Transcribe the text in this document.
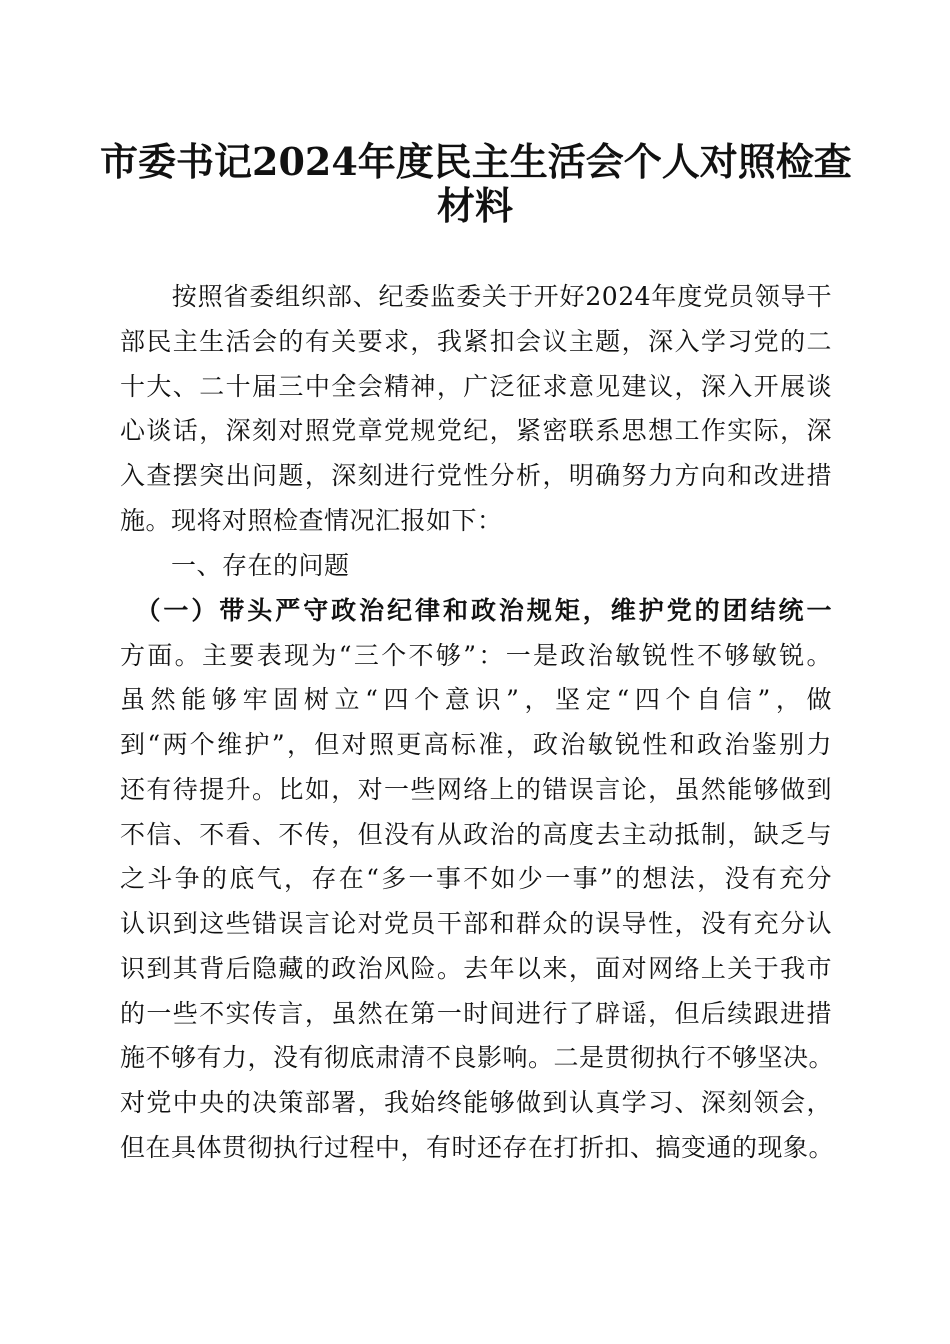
市委书记2024年度民主生活会个人对照检查
材料
　　按照省委组织部、纪委监委关于开好2024年度党员领导干
部民主生活会的有关要求，我紧扣会议主题，深入学习党的二
十大、二十届三中全会精神，广泛征求意见建议，深入开展谈
心谈话，深刻对照党章党规党纪，紧密联系思想工作实际，深
入查摆突出问题，深刻进行党性分析，明确努力方向和改进措
施。现将对照检查情况汇报如下：
　　一、存在的问题
　（一）带头严守政治纪律和政治规矩，维护党的团结统一
方面。主要表现为“三个不够”：一是政治敏锐性不够敏锐。
虽然能够牢固树立“四个意识”，坚定“四个自信”，做
到“两个维护”，但对照更高标准，政治敏锐性和政治鉴别力
还有待提升。比如，对一些网络上的错误言论，虽然能够做到
不信、不看、不传，但没有从政治的高度去主动抵制，缺乏与
之斗争的底气，存在“多一事不如少一事”的想法，没有充分
认识到这些错误言论对党员干部和群众的误导性，没有充分认
识到其背后隐藏的政治风险。去年以来，面对网络上关于我市
的一些不实传言，虽然在第一时间进行了辟谣，但后续跟进措
施不够有力，没有彻底肃清不良影响。二是贯彻执行不够坚决。
对党中央的决策部署，我始终能够做到认真学习、深刻领会，
但在具体贯彻执行过程中，有时还存在打折扣、搞变通的现象。
